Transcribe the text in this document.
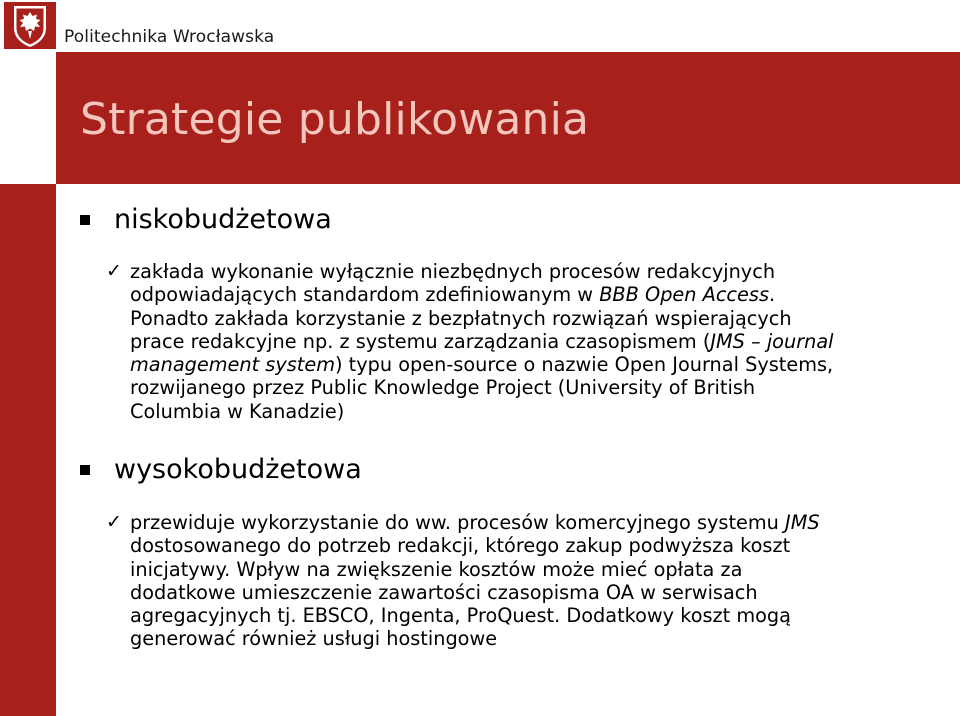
Politechnika Wrocławska
Strategie publikowania
niskobudżetowa
✓ zakłada wykonanie wyłącznie niezbędnych procesów redakcyjnych
odpowiadających standardom zdefiniowanym w BBB Open Access.
Ponadto zakłada korzystanie z bezpłatnych rozwiązań wspierających
prace redakcyjne np. z systemu zarządzania czasopismem (JMS – journal
management system) typu open-source o nazwie Open Journal Systems,
rozwijanego przez Public Knowledge Project (University of British
Columbia w Kanadzie)

wysokobudżetowa
✓ przewiduje wykorzystanie do ww. procesów komercyjnego systemu JMS
dostosowanego do potrzeb redakcji, którego zakup podwyższa koszt
inicjatywy. Wpływ na zwiększenie kosztów może mieć opłata za
dodatkowe umieszczenie zawartości czasopisma OA w serwisach
agregacyjnych tj. EBSCO, Ingenta, ProQuest. Dodatkowy koszt mogą
generować również usługi hostingowe
